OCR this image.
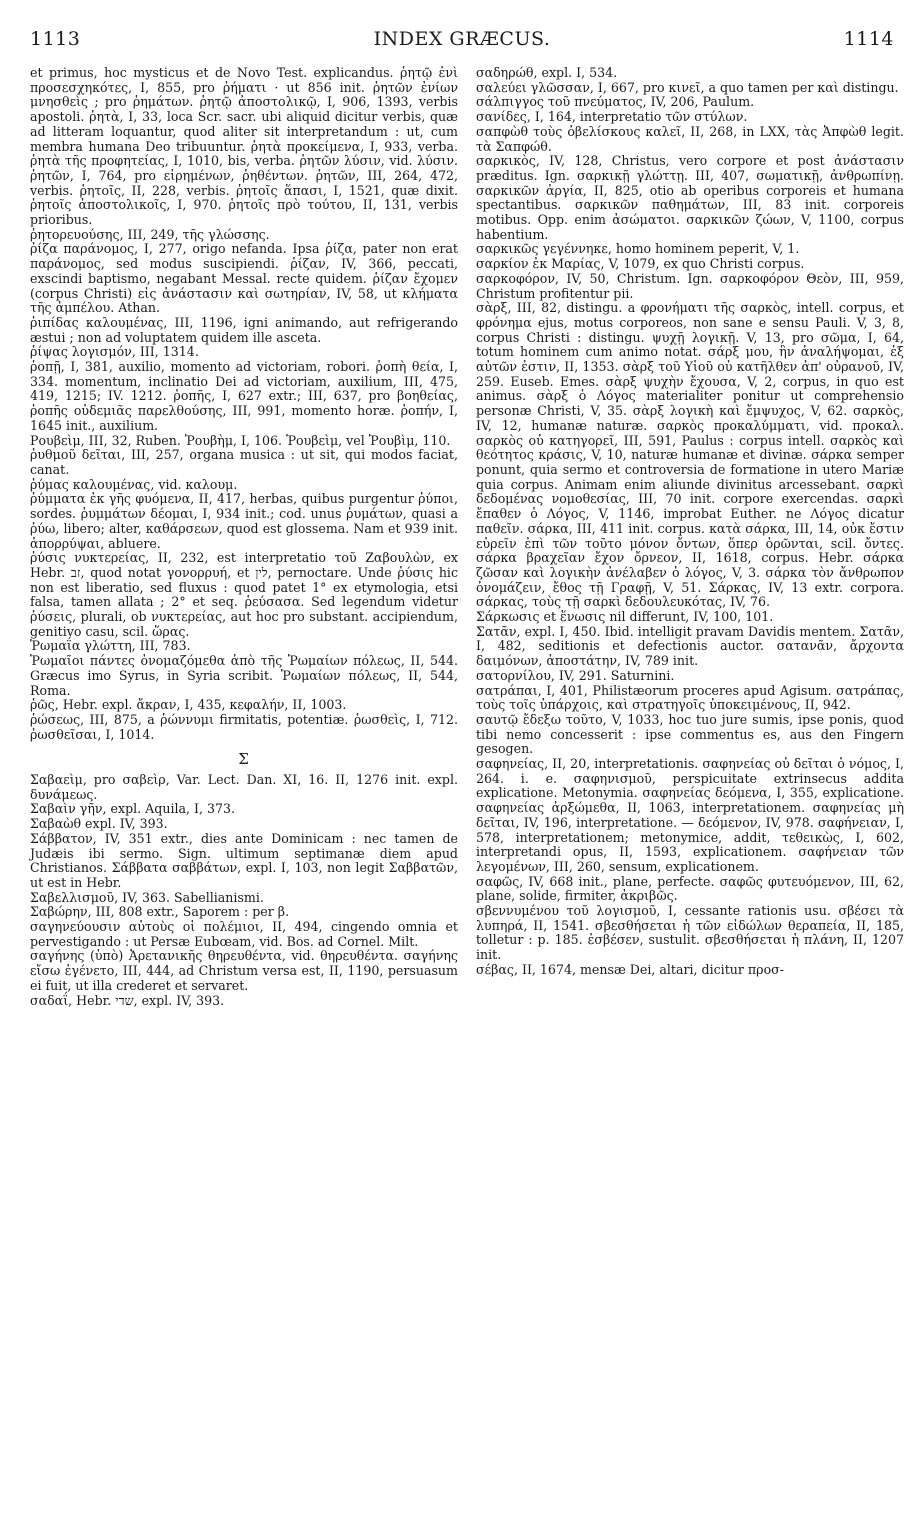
1113	INDEX GRÆCUS.	1114

et primus, hoc mysticus et de Novo Test. explicandus. ῥητῷ ἐνὶ προσεσχηκότες, I, 855, pro ῥήματι · ut 856 init. ῥητῶν ἐνίων μνησθεὶς ; pro ῥημάτων. ῥητῷ ἀποστολικῷ, I, 906, 1393, verbis apostoli. ῥητὰ, I, 33, loca Scr. sacr. ubi aliquid dicitur verbis, quæ ad litteram loquantur, quod aliter sit interpretandum : ut, cum membra humana Deo tribuuntur. ῥητὰ προκείμενα, I, 933, verba. ῥητὰ τῆς προφητείας, I, 1010, bis, verba. ῥητῶν λύσιν, vid. λύσιν. ῥητῶν, I, 764, pro εἰρημένων, ῥηθέντων. ῥητῶν, III, 264, 472, verbis. ῥητοῖς, II, 228, verbis. ῥητοῖς ἅπασι, I, 1521, quæ dixit. ῥητοῖς ἀποστολικοῖς, I, 970. ῥητοῖς πρὸ τούτου, II, 131, verbis prioribus.

ῥητορευούσης, III, 249, τῆς γλώσσης.

ῥίζα παράνομος, I, 277, origo nefanda. Ipsa ῥίζα, pater non erat παράνομος, sed modus suscipiendi. ῥίζαν, IV, 366, peccati, exscindi baptismo, negabant Messal. recte quidem. ῥίζαν ἔχομεν (corpus Christi) εἰς ἀνάστασιν καὶ σωτηρίαν, IV, 58, ut κλήματα τῆς ἀμπέλου. Athan.

ῥιπίδας καλουμένας, III, 1196, igni animando, aut refrigerando æstui ; non ad voluptatem quidem ille asceta.

ῥίψας λογισμόν, III, 1314.

ῥοπῇ, I, 381, auxilio, momento ad victoriam, robori. ῥοπὴ θεία, I, 334. momentum, inclinatio Dei ad victoriam, auxilium, III, 475, 419, 1215; IV. 1212. ῥοπῆς, I, 627 extr.; III, 637, pro βοηθείας, ῥοπῆς οὐδεμιᾶς παρελθούσης, III, 991, momento horæ. ῥοπήν, I, 1645 init., auxilium.

Ρουβεὶμ, III, 32, Ruben. Ῥουβὴμ, I, 106. Ῥουβεὶμ, vel Ῥουβὶμ, 110.

ῥυθμοῦ δεῖται, III, 257, organa musica : ut sit, qui modos faciat, canat.

ῥύμας καλουμένας, vid. καλουμ.

ῥύμματα ἐκ γῆς φυόμενα, II, 417, herbas, quibus purgentur ῥύποι, sordes. ῥυμμάτων δέομαι, I, 934 init.; cod. unus ῥυμάτων, quasi a ῥύω, libero; alter, καθάρσεων, quod est glossema. Nam et 939 init. ἀπορρύψαι, abluere.

ῥύσις νυκτερείας, II, 232, est interpretatio τοῦ Ζαβουλὼν, ex Hebr. זב, quod notat γονορρυή, et לין, pernoctare. Unde ῥύσις hic non est liberatio, sed fluxus : quod patet 1° ex etymologia, etsi falsa, tamen allata ; 2° et seq. ῥεύσασα. Sed legendum videtur ῥύσεις, plurali, ob νυκτερείας, aut hoc pro substant. accipiendum, genitivo casu, scil. ὥρας.

Ῥωμαΐα γλώττη, III, 783.

Ῥωμαῖοι πάντες ὀνομαζόμεθα ἀπὸ τῆς Ῥωμαίων πόλεως, II, 544. Græcus imo Syrus, in Syria scribit. Ῥωμαίων πόλεως, II, 544, Roma.

ῥῶς, Hebr. expl. ἄκραν, I, 435, κεφαλήν, II, 1003.

ῥώσεως, III, 875, a ῥώννυμι firmitatis, potentiæ. ῥωσθεὶς, I, 712. ῥωσθεῖσαι, I, 1014.

Σ

Σαβαεὶμ, pro σαβεὶρ, Var. Lect. Dan. XI, 16. II, 1276 init. expl. δυνάμεως.

Σαβαὶν γῆν, expl. Aquila, I, 373.

Σαβαὼθ expl. IV, 393.

Σάββατον, IV, 351 extr., dies ante Dominicam : nec tamen de Judæis ibi sermo. Sign. ultimum septimanæ diem apud Christianos. Σάββατα σαββάτων, expl. I, 103, non legit Σαββατῶν, ut est in Hebr.

Σαβελλισμοῦ, IV, 363. Sabellianismi.

Σαβώρην, III, 808 extr., Saporem : per β.

σαγηνεύουσιν αὐτοὺς οἱ πολέμιοι, II, 494, cingendo omnia et pervestigando : ut Persæ Eubœam, vid. Bos. ad Cornel. Milt.

σαγήνης (ὑπὸ) Ἀρετανικῆς θηρευθέντα, vid. θηρευθέντα. σαγήνης εἴσω ἐγένετο, III, 444, ad Christum versa est, II, 1190, persuasum ei fuit, ut illa crederet et servaret.

σαδαΐ, Hebr. שדי, expl. IV, 393.

σαδηρώθ, expl. I, 534.

σαλεύει γλῶσσαν, I, 667, pro κινεῖ, a quo tamen per καὶ distingu.

σάλπιγγος τοῦ πνεύματος, IV, 206, Paulum.

σανίδες, I, 164, interpretatio τῶν στύλων.

σαπφὼθ τοὺς ὀβελίσκους καλεῖ, II, 268, in LXX, τὰς Ἀπφὼθ legit. τὰ Σαπφώθ.

σαρκικὸς, IV, 128, Christus, vero corpore et post ἀνάστασιν præditus. Ign. σαρκικῇ γλώττῃ. III, 407, σωματικῇ, ἀνθρωπίνῃ. σαρκικῶν ἀργία, II, 825, otio ab operibus corporeis et humana spectantibus. σαρκικῶν παθημάτων, III, 83 init. corporeis motibus. Opp. enim ἀσώματοι. σαρκικῶν ζώων, V, 1100, corpus habentium.

σαρκικῶς γεγέννηκε, homo hominem peperit, V, 1.

σαρκίον ἐκ Μαρίας, V, 1079, ex quo Christi corpus.

σαρκοφόρον, IV, 50, Christum. Ign. σαρκοφόρον Θεὸν, III, 959, Christum profitentur pii.

σὰρξ, III, 82, distingu. a φρονήματι τῆς σαρκὸς, intell. corpus, et φρόνημα ejus, motus corporeos, non sane e sensu Pauli. V, 3, 8, corpus Christi : distingu. ψυχῇ λογικῇ. V, 13, pro σῶμα, I, 64, totum hominem cum animo notat. σάρξ μου, ἣν ἀναλήψομαι, ἐξ αὐτῶν ἐστιν, II, 1353. σὰρξ τοῦ Υἱοῦ οὐ κατῆλθεν ἀπ' οὐρανοῦ, IV, 259. Euseb. Emes. σὰρξ ψυχὴν ἔχουσα, V, 2, corpus, in quo est animus. σὰρξ ὁ Λόγος materialiter ponitur ut comprehensio personæ Christi, V, 35. σὰρξ λογικὴ καὶ ἔμψυχος, V, 62. σαρκὸς, IV, 12, humanæ naturæ. σαρκὸς προκαλύμματι, vid. προκαλ. σαρκὸς οὐ κατηγορεῖ, III, 591, Paulus : corpus intell. σαρκὸς καὶ θεότητος κράσις, V, 10, naturæ humanæ et divinæ. σάρκα semper ponunt, quia sermo et controversia de formatione in utero Mariæ quia corpus. Animam enim aliunde divinitus arcessebant. σαρκὶ δεδομένας νομοθεσίας, III, 70 init. corpore exercendas. σαρκὶ ἔπαθεν ὁ Λόγος, V, 1146, improbat Euther. ne Λόγος dicatur παθεῖν. σάρκα, III, 411 init. corpus. κατὰ σάρκα, III, 14, οὐκ ἔστιν εὑρεῖν ἐπὶ τῶν τοῦτο μόνον ὄντων, ὅπερ ὁρῶνται, scil. ὄντες. σάρκα βραχεῖαν ἔχον ὄρνεον, II, 1618, corpus. Hebr. σάρκα ζῶσαν καὶ λογικὴν ἀνέλαβεν ὁ λόγος, V, 3. σάρκα τὸν ἄνθρωπον ὀνομάζειν, ἔθος τῇ Γραφῇ, V, 51. Σάρκας, IV, 13 extr. corpora. σάρκας, τοὺς τῇ σαρκὶ δεδουλευκότας, IV, 76.

Σάρκωσις et ἕνωσις nil differunt, IV, 100, 101.

Σατᾶν, expl. I, 450. Ibid. intelligit pravam Davidis mentem. Σατᾶν, I, 482, seditionis et defectionis auctor. σατανᾶν, ἄρχοντα δαιμόνων, ἀποστάτην, IV, 789 init.

σατορνίλου, IV, 291. Saturnini.

σατράπαι, I, 401, Philistæorum proceres apud Agisum. σατράπας, τοὺς τοῖς ὑπάρχοις, καὶ στρατηγοῖς ὑποκειμένους, II, 942.

σαυτῷ ἔδεξω τοῦτο, V, 1033, hoc tuo jure sumis, ipse ponis, quod tibi nemo concesserit : ipse commentus es, aus den Fingern gesogen.

σαφηνείας, II, 20, interpretationis. σαφηνείας οὐ δεῖται ὁ νόμος, I, 264. i. e. σαφηνισμοῦ, perspicuitate extrinsecus addita explicatione. Metonymia. σαφηνείας δεόμενα, I, 355, explicatione. σαφηνείας ἀρξώμεθα, II, 1063, interpretationem. σαφηνείας μὴ δεῖται, IV, 196, interpretatione. — δεόμενον, IV, 978. σαφήνειαν, I, 578, interpretationem; metonymice, addit, τεθεικὼς, I, 602, interpretandi opus, II, 1593, explicationem. σαφήνειαν τῶν λεγομένων, III, 260, sensum, explicationem.

σαφῶς, IV, 668 init., plane, perfecte. σαφῶς φυτευόμενον, III, 62, plane, solide, firmiter, ἀκριβῶς.

σβεννυμένου τοῦ λογισμοῦ, I, cessante rationis usu. σβέσει τὰ λυπηρά, II, 1541. σβεσθήσεται ἡ τῶν εἰδώλων θεραπεία, II, 185, tolletur : p. 185. ἐσβέσεν, sustulit. σβεσθήσεται ἡ πλάνη, II, 1207 init.

σέβας, II, 1674, mensæ Dei, altari, dicitur προσ-
